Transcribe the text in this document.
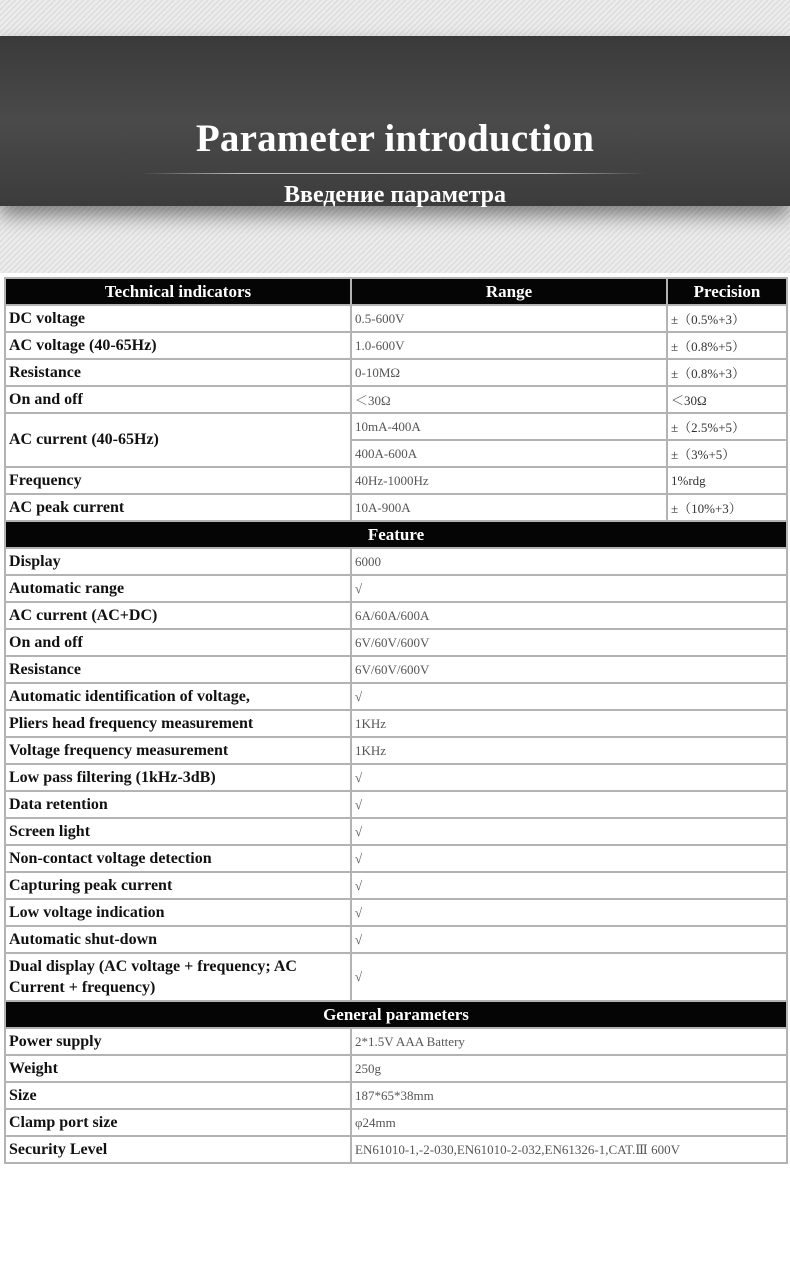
Parameter introduction
Введение параметра
Technical indicators	Range	Precision
DC voltage	0.5-600V	±（0.5%+3）
AC voltage (40-65Hz)	1.0-600V	±（0.8%+5）
Resistance	0-10MΩ	±（0.8%+3）
On and off	＜30Ω	＜30Ω
AC current (40-65Hz)	10mA-400A	±（2.5%+5）
	400A-600A	±（3%+5）
Frequency	40Hz-1000Hz	1%rdg
AC peak current	10A-900A	±（10%+3）
Feature		
Display	6000	
Automatic range	√	
AC current (AC+DC)	6A/60A/600A	
On and off	6V/60V/600V	
Resistance	6V/60V/600V	
Automatic identification of voltage,	√	
Pliers head frequency measurement	1KHz	
Voltage frequency measurement	1KHz	
Low pass filtering (1kHz-3dB)	√	
Data retention	√	
Screen light	√	
Non-contact voltage detection	√	
Capturing peak current	√	
Low voltage indication	√	
Automatic shut-down	√	
Dual display (AC voltage + frequency; AC Current + frequency)	√	
General parameters		
Power supply	2*1.5V AAA Battery	
Weight	250g	
Size	187*65*38mm	
Clamp port size	φ24mm	
Security Level	EN61010-1,-2-030,EN61010-2-032,EN61326-1,CAT.Ⅲ 600V	
